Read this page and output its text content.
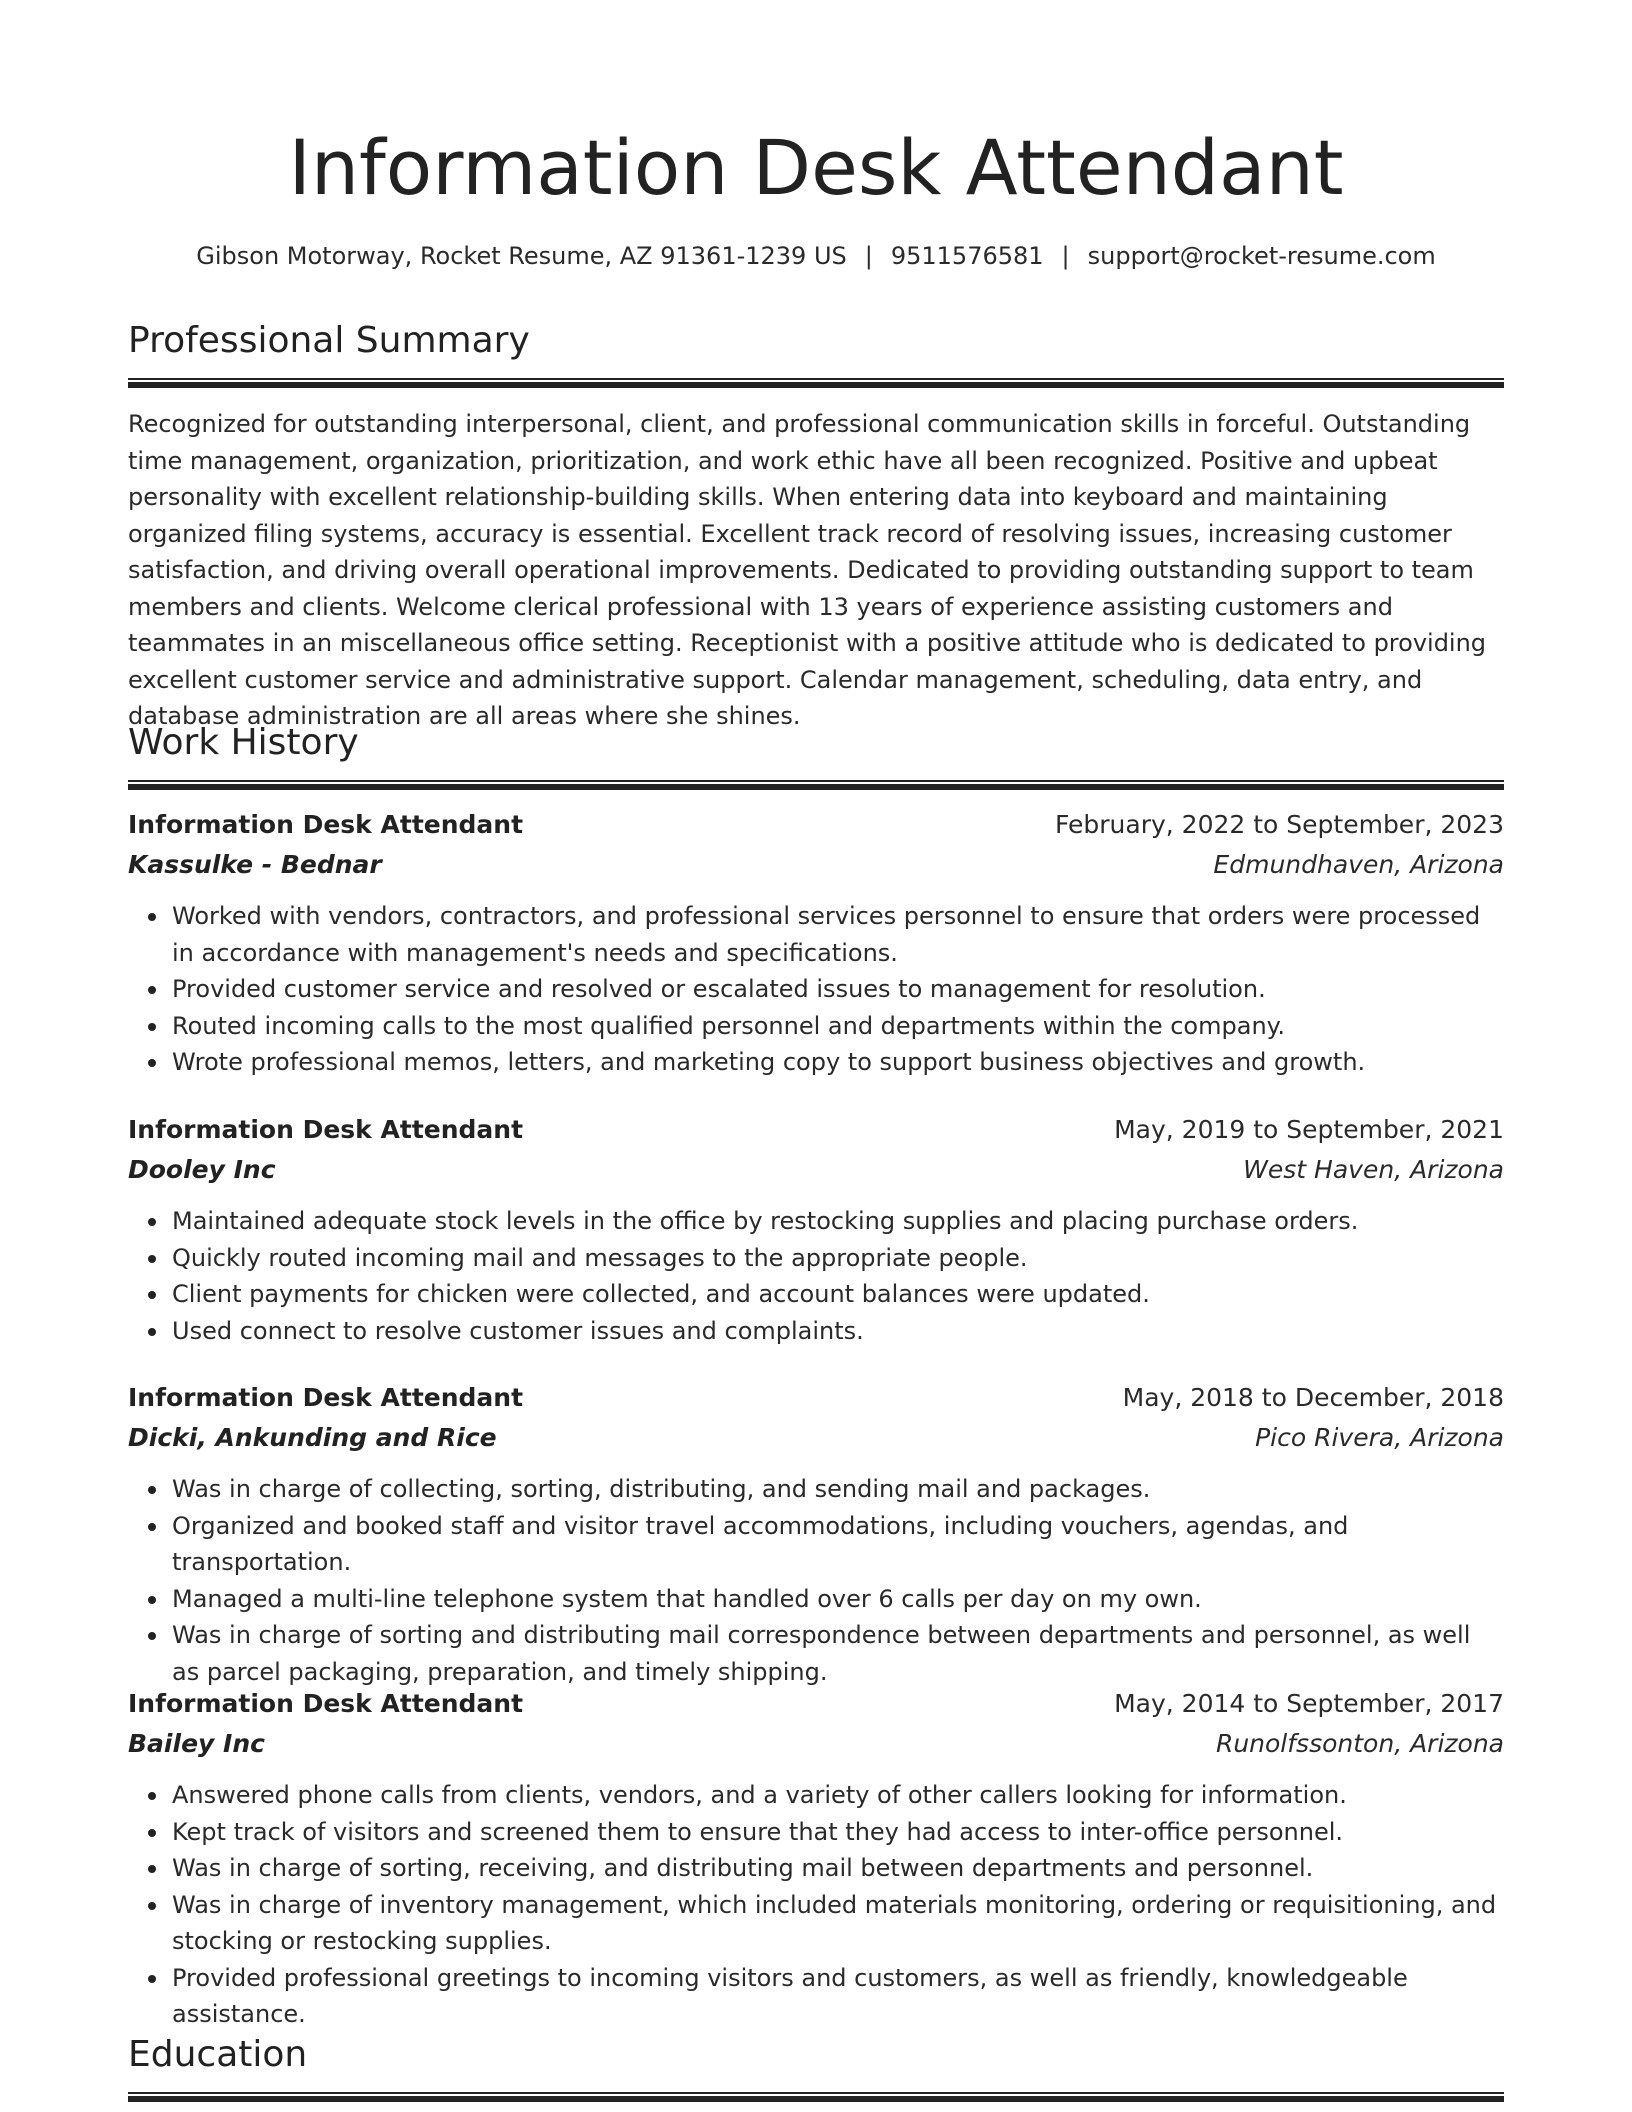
Information Desk Attendant
Gibson Motorway, Rocket Resume, AZ 91361-1239 US | 9511576581 | support@rocket-resume.com
Professional Summary

Recognized for outstanding interpersonal, client, and professional communication skills in forceful. Outstanding time management, organization, prioritization, and work ethic have all been recognized. Positive and upbeat personality with excellent relationship-building skills. When entering data into keyboard and maintaining organized filing systems, accuracy is essential. Excellent track record of resolving issues, increasing customer satisfaction, and driving overall operational improvements. Dedicated to providing outstanding support to team members and clients. Welcome clerical professional with 13 years of experience assisting customers and teammates in an miscellaneous office setting. Receptionist with a positive attitude who is dedicated to providing excellent customer service and administrative support. Calendar management, scheduling, data entry, and database administration are all areas where she shines.

Work History
Information Desk Attendant	February, 2022 to September, 2023
Kassulke - Bednar	Edmundhaven, Arizona
Worked with vendors, contractors, and professional services personnel to ensure that orders were processed in accordance with management's needs and specifications.
Provided customer service and resolved or escalated issues to management for resolution.
Routed incoming calls to the most qualified personnel and departments within the company.
Wrote professional memos, letters, and marketing copy to support business objectives and growth.
Information Desk Attendant	May, 2019 to September, 2021
Dooley Inc	West Haven, Arizona
Maintained adequate stock levels in the office by restocking supplies and placing purchase orders.
Quickly routed incoming mail and messages to the appropriate people.
Client payments for chicken were collected, and account balances were updated.
Used connect to resolve customer issues and complaints.
Information Desk Attendant	May, 2018 to December, 2018
Dicki, Ankunding and Rice	Pico Rivera, Arizona
Was in charge of collecting, sorting, distributing, and sending mail and packages.
Organized and booked staff and visitor travel accommodations, including vouchers, agendas, and transportation.
Managed a multi-line telephone system that handled over 6 calls per day on my own.
Was in charge of sorting and distributing mail correspondence between departments and personnel, as well as parcel packaging, preparation, and timely shipping.
Information Desk Attendant	May, 2014 to September, 2017
Bailey Inc	Runolfssonton, Arizona
Answered phone calls from clients, vendors, and a variety of other callers looking for information.
Kept track of visitors and screened them to ensure that they had access to inter-office personnel.
Was in charge of sorting, receiving, and distributing mail between departments and personnel.
Was in charge of inventory management, which included materials monitoring, ordering or requisitioning, and stocking or restocking supplies.
Provided professional greetings to incoming visitors and customers, as well as friendly, knowledgeable assistance.
Education
